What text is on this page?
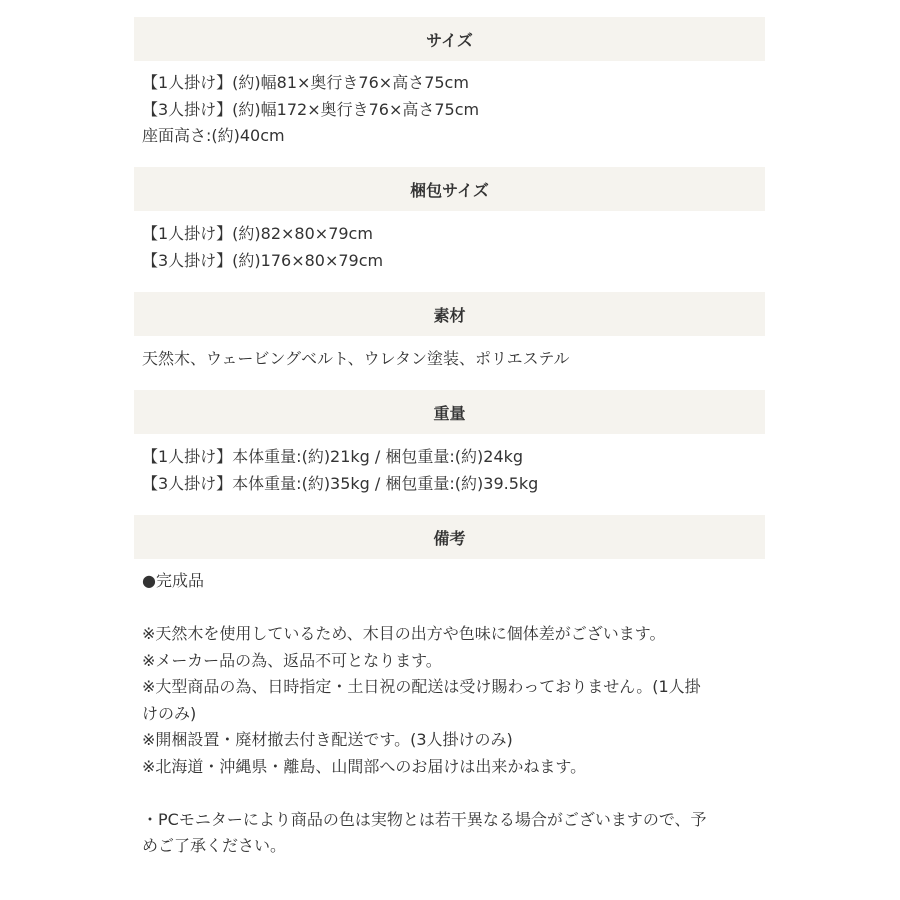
サイズ
【1人掛け】(約)幅81×奥行き76×高さ75cm
【3人掛け】(約)幅172×奥行き76×高さ75cm
座面高さ:(約)40cm
梱包サイズ
【1人掛け】(約)82×80×79cm
【3人掛け】(約)176×80×79cm
素材
天然木、ウェービングベルト、ウレタン塗装、ポリエステル
重量
【1人掛け】本体重量:(約)21kg / 梱包重量:(約)24kg
【3人掛け】本体重量:(約)35kg / 梱包重量:(約)39.5kg
備考
●完成品
※天然木を使用しているため、木目の出方や色味に個体差がございます。
※メーカー品の為、返品不可となります。
※大型商品の為、日時指定・土日祝の配送は受け賜わっておりません。(1人掛
けのみ)
※開梱設置・廃材撤去付き配送です。(3人掛けのみ)
※北海道・沖縄県・離島、山間部へのお届けは出来かねます。
・PCモニターにより商品の色は実物とは若干異なる場合がございますので、予
めご了承ください。
